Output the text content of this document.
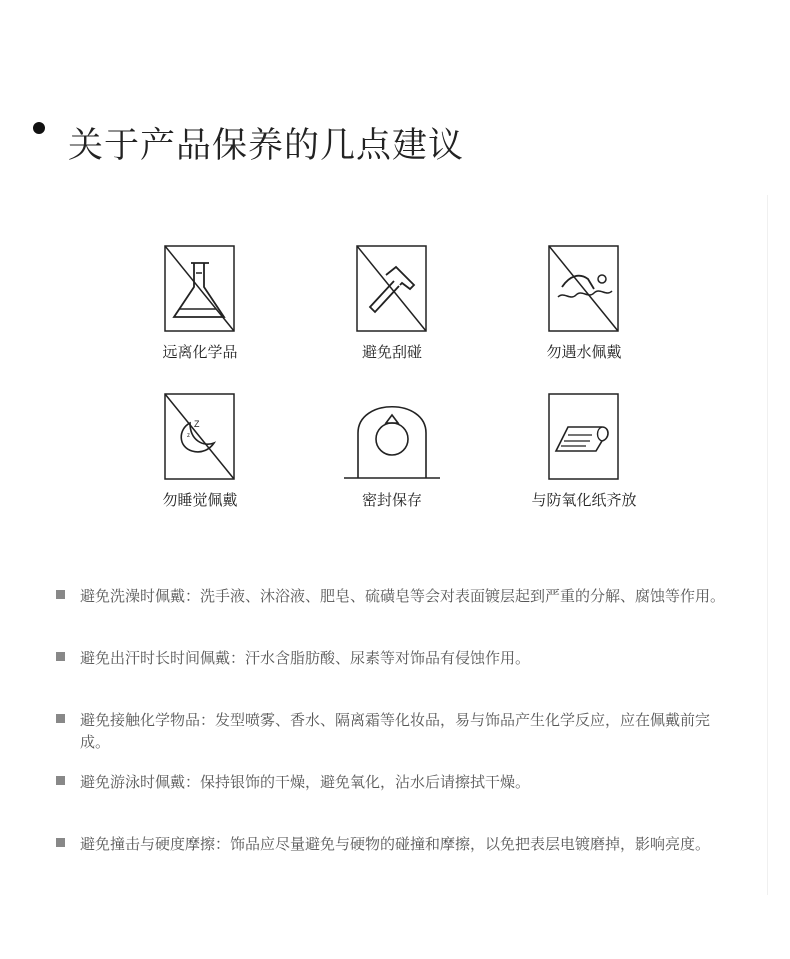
关于产品保养的几点建议
远离化学品	避免刮碰	勿遇水佩戴
Z
z
勿睡觉佩戴	密封保存	与防氧化纸齐放
避免洗澡时佩戴：洗手液、沐浴液、肥皂、硫磺皂等会对表面镀层起到严重的分解、腐蚀等作用。
避免出汗时长时间佩戴：汗水含脂肪酸、尿素等对饰品有侵蚀作用。
避免接触化学物品：发型喷雾、香水、隔离霜等化妆品，易与饰品产生化学反应，应在佩戴前完成。
避免游泳时佩戴：保持银饰的干燥，避免氧化，沾水后请擦拭干燥。
避免撞击与硬度摩擦：饰品应尽量避免与硬物的碰撞和摩擦，以免把表层电镀磨掉，影响亮度。
